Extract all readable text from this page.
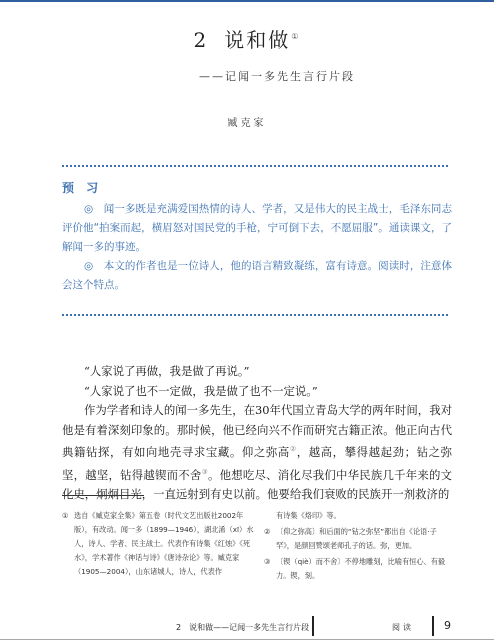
2 说和做①
——记闻一多先生言行片段
臧克家
预 习
◎　闻一多既是充满爱国热情的诗人、学者，又是伟大的民主战士，毛泽东同志评价他“拍案而起，横眉怒对国民党的手枪，宁可倒下去，不愿屈服”。通读课文，了解闻一多的事迹。
◎　本文的作者也是一位诗人，他的语言精致凝练，富有诗意。阅读时，注意体会这个特点。
“人家说了再做，我是做了再说。”
“人家说了也不一定做，我是做了也不一定说。”
作为学者和诗人的闻一多先生，在30年代国立青岛大学的两年时间，我对他是有着深刻印象的。那时候，他已经向兴不作而研究古籍正浓。他正向古代典籍钻探，有如向地壳寻求宝藏。仰之弥高②，越高，攀得越起劲；钻之弥坚，越坚，钻得越锲而不舍③。他想吃尽、消化尽我们中华民族几千年来的文化史，炯炯目光，一直远射到有史以前。他要给我们衰败的民族开一剂救济的
① 选自《臧克家全集》第五卷（时代文艺出版社2002年版），有改动。闻一多（1899—1946），湖北浠（xī）水人，诗人、学者、民主战士。代表作有诗集《红烛》《死水》，学术著作《神话与诗》《唐诗杂论》等。臧克家（1905—2004），山东诸城人，诗人，代表作
有诗集《烙印》等。
② 〔仰之弥高〕和后面的“钻之弥坚”都出自《论语·子罕》，是颜回赞颂老师孔子的话。弥，更加。
③ 〔锲（qiè）而不舍〕不停地雕刻，比喻有恒心、有毅力。锲，刻。
2　说和做——记闻一多先生言行片段	阅读	9
